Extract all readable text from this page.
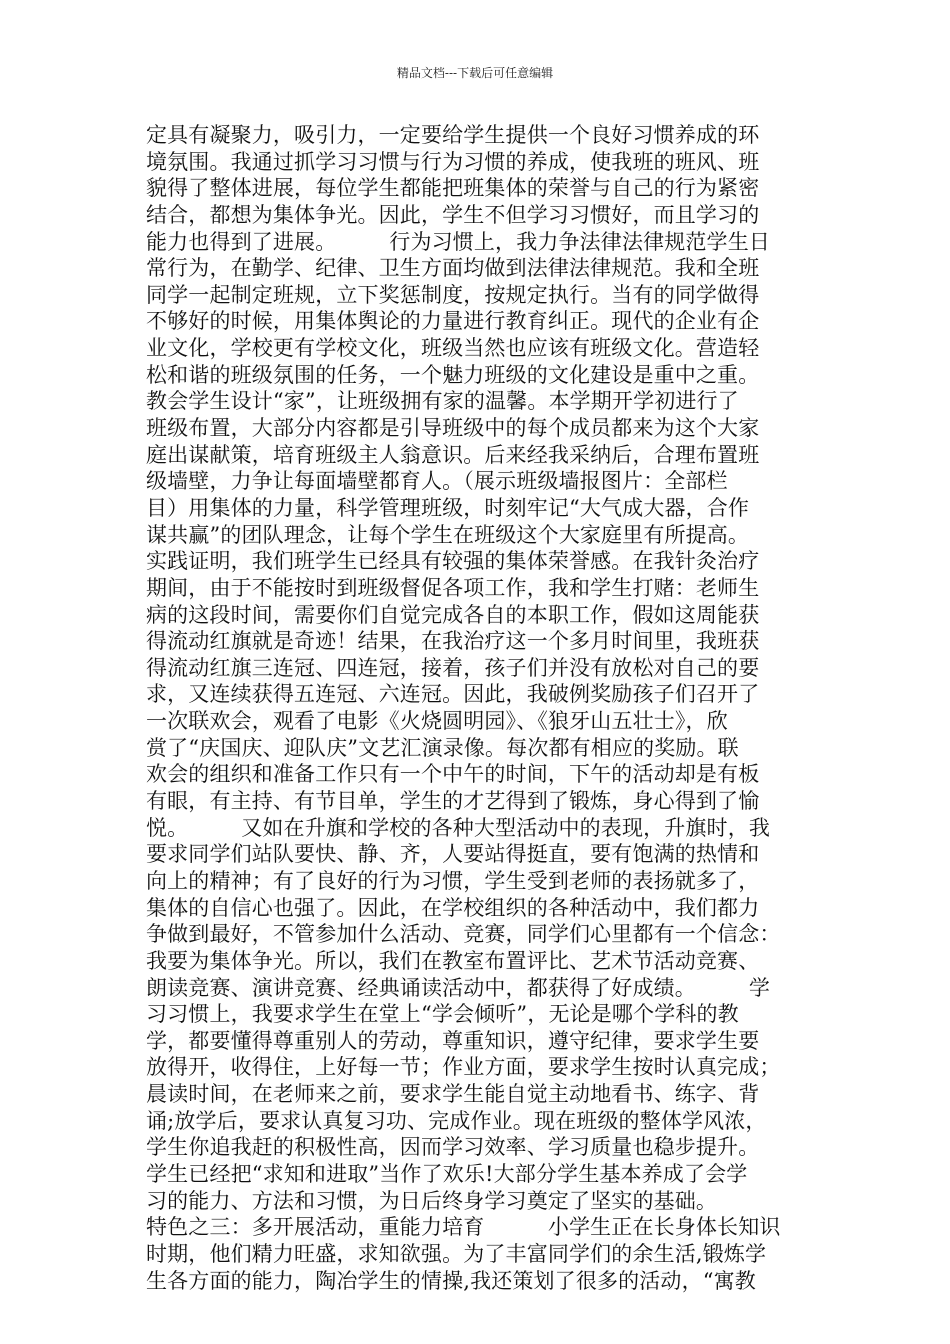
精品文档---下载后可任意编辑
定具有凝聚力，吸引力，一定要给学生提供一个良好习惯养成的环
境氛围。我通过抓学习习惯与行为习惯的养成，使我班的班风、班
貌得了整体进展，每位学生都能把班集体的荣誉与自己的行为紧密
结合，都想为集体争光。因此，学生不但学习习惯好，而且学习的
能力也得到了进展。　　　行为习惯上，我力争法律法律规范学生日
常行为，在勤学、纪律、卫生方面均做到法律法律规范。我和全班
同学一起制定班规，立下奖惩制度，按规定执行。当有的同学做得
不够好的时候，用集体舆论的力量进行教育纠正。现代的企业有企
业文化，学校更有学校文化，班级当然也应该有班级文化。营造轻
松和谐的班级氛围的任务，一个魅力班级的文化建设是重中之重。
教会学生设计“家”，让班级拥有家的温馨。本学期开学初进行了
班级布置，大部分内容都是引导班级中的每个成员都来为这个大家
庭出谋献策，培育班级主人翁意识。后来经我采纳后，合理布置班
级墙壁，力争让每面墙壁都育人。（展示班级墙报图片：全部栏
目）用集体的力量，科学管理班级，时刻牢记“大气成大器，合作
谋共赢”的团队理念，让每个学生在班级这个大家庭里有所提高。
实践证明，我们班学生已经具有较强的集体荣誉感。在我针灸治疗
期间，由于不能按时到班级督促各项工作，我和学生打赌：老师生
病的这段时间，需要你们自觉完成各自的本职工作，假如这周能获
得流动红旗就是奇迹！结果，在我治疗这一个多月时间里，我班获
得流动红旗三连冠、四连冠，接着，孩子们并没有放松对自己的要
求，又连续获得五连冠、六连冠。因此，我破例奖励孩子们召开了
一次联欢会，观看了电影《火烧圆明园》、《狼牙山五壮士》，欣
赏了“庆国庆、迎队庆”文艺汇演录像。每次都有相应的奖励。联
欢会的组织和准备工作只有一个中午的时间，下午的活动却是有板
有眼，有主持、有节目单，学生的才艺得到了锻炼，身心得到了愉
悦。　　　又如在升旗和学校的各种大型活动中的表现，升旗时，我
要求同学们站队要快、静、齐，人要站得挺直，要有饱满的热情和
向上的精神；有了良好的行为习惯，学生受到老师的表扬就多了，
集体的自信心也强了。因此，在学校组织的各种活动中，我们都力
争做到最好，不管参加什么活动、竞赛，同学们心里都有一个信念：
我要为集体争光。所以，我们在教室布置评比、艺术节活动竞赛、
朗读竞赛、演讲竞赛、经典诵读活动中，都获得了好成绩。　　　学
习习惯上，我要求学生在堂上“学会倾听”，无论是哪个学科的教
学，都要懂得尊重别人的劳动，尊重知识，遵守纪律，要求学生要
放得开，收得住，上好每一节；作业方面，要求学生按时认真完成；
晨读时间，在老师来之前，要求学生能自觉主动地看书、练字、背
诵;放学后，要求认真复习功、完成作业。现在班级的整体学风浓，
学生你追我赶的积极性高，因而学习效率、学习质量也稳步提升。
学生已经把“求知和进取”当作了欢乐!大部分学生基本养成了会学
习的能力、方法和习惯，为日后终身学习奠定了坚实的基础。
特色之三：多开展活动，重能力培育　　　小学生正在长身体长知识
时期，他们精力旺盛，求知欲强。为了丰富同学们的余生活,锻炼学
生各方面的能力，陶冶学生的情操,我还策划了很多的活动，“寓教
